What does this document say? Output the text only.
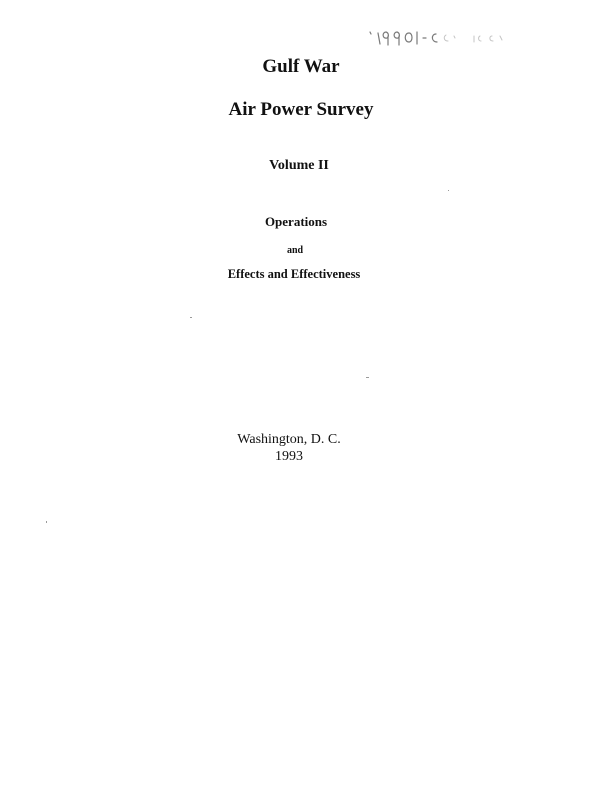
Gulf War
Air Power Survey
Volume II
Operations
and
Effects and Effectiveness
Washington, D. C.
1993
